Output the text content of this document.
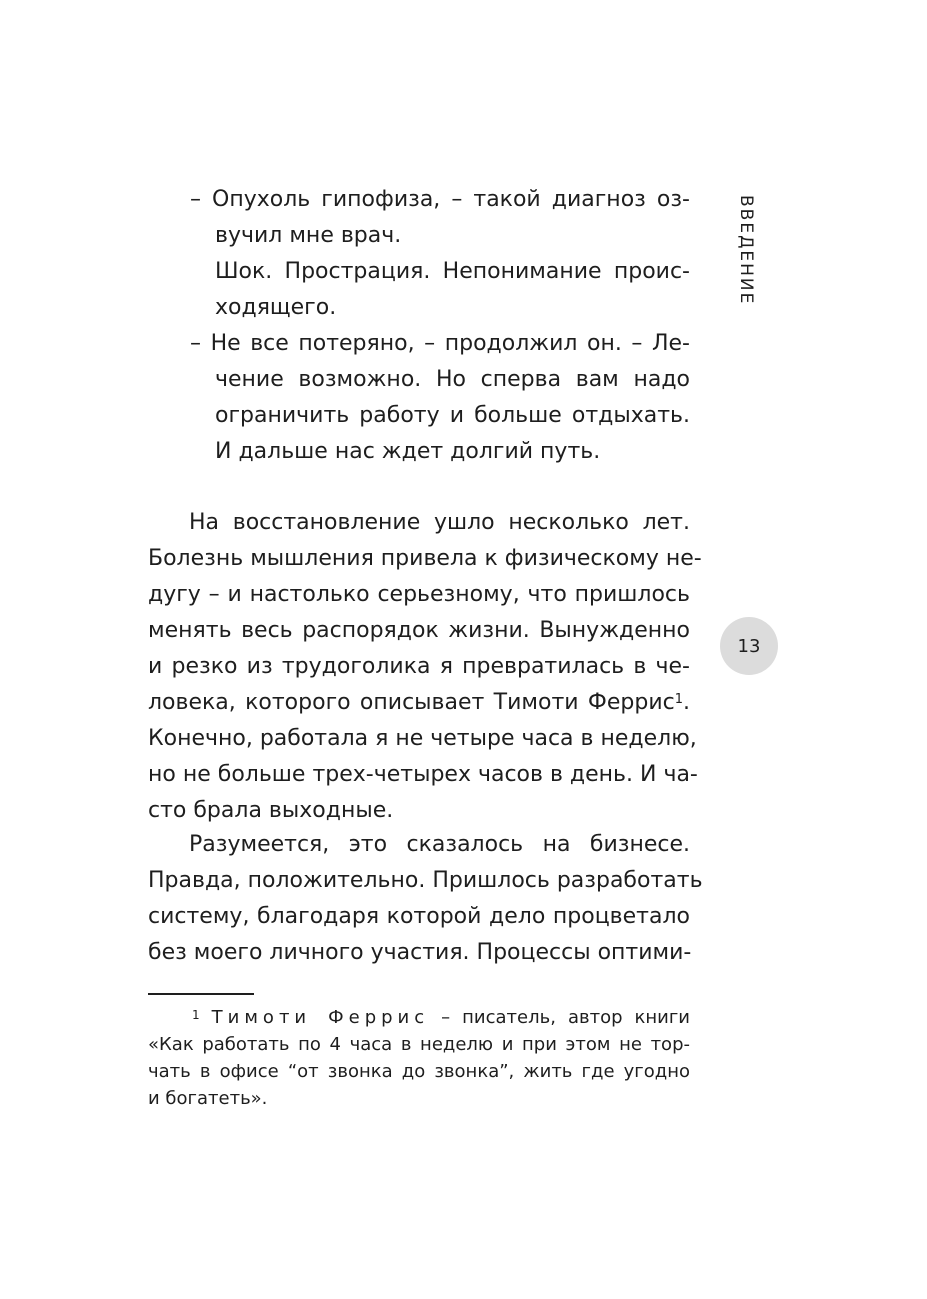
ВВЕДЕНИЕ
13
– Опухоль гипофиза, – такой диагноз оз-
вучил мне врач.
Шок. Прострация. Непонимание проис-
ходящего.
– Не все потеряно, – продолжил он. – Ле-
чение возможно. Но сперва вам надо
ограничить работу и больше отдыхать.
И дальше нас ждет долгий путь.
На восстановление ушло несколько лет.
Болезнь мышления привела к физическому не-
дугу – и настолько серьезному, что пришлось
менять весь распорядок жизни. Вынужденно
и резко из трудоголика я превратилась в че-
ловека, которого описывает Тимоти Феррис$^1$.
Конечно, работала я не четыре часа в неделю,
но не больше трех-четырех часов в день. И ча-
сто брала выходные.
Разумеется, это сказалось на бизнесе.
Правда, положительно. Пришлось разработать
систему, благодаря которой дело процветало
без моего личного участия. Процессы оптими-
$^1$ Тимоти Феррис – писатель, автор книги
«Как работать по 4 часа в неделю и при этом не тор-
чать в офисе “от звонка до звонка”, жить где угодно
и богатеть».
